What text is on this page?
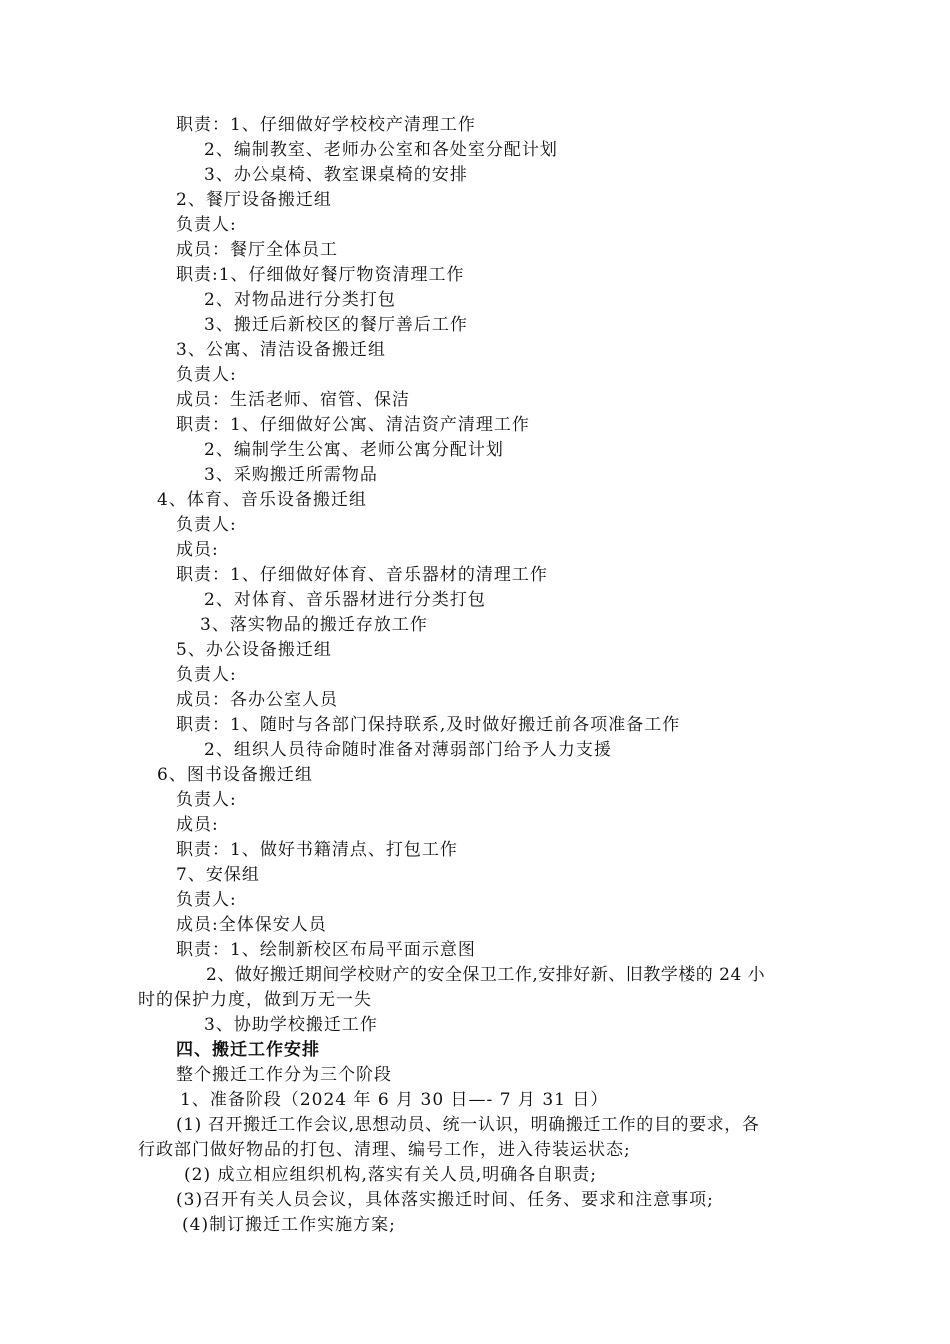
职责：1、仔细做好学校校产清理工作
2、编制教室、老师办公室和各处室分配计划
3、办公桌椅、教室课桌椅的安排
2、餐厅设备搬迁组
负责人:
成员：餐厅全体员工
职责:1、仔细做好餐厅物资清理工作
2、对物品进行分类打包
3、搬迁后新校区的餐厅善后工作
3、公寓、清洁设备搬迁组
负责人:
成员：生活老师、宿管、保洁
职责：1、仔细做好公寓、清洁资产清理工作
2、编制学生公寓、老师公寓分配计划
3、采购搬迁所需物品
4、体育、音乐设备搬迁组
负责人:
成员:
职责：1、仔细做好体育、音乐器材的清理工作
2、对体育、音乐器材进行分类打包
3、落实物品的搬迁存放工作
5、办公设备搬迁组
负责人:
成员：各办公室人员
职责：1、随时与各部门保持联系,及时做好搬迁前各项准备工作
2、组织人员待命随时准备对薄弱部门给予人力支援
6、图书设备搬迁组
负责人:
成员:
职责：1、做好书籍清点、打包工作
7、安保组
负责人:
成员:全体保安人员
职责：1、绘制新校区布局平面示意图
2、做好搬迁期间学校财产的安全保卫工作,安排好新、旧教学楼的 24 小
时的保护力度，做到万无一失
3、协助学校搬迁工作
四、搬迁工作安排
整个搬迁工作分为三个阶段
1、准备阶段（2024 年 6 月 30 日—- 7 月 31 日）
(1) 召开搬迁工作会议,思想动员、统一认识，明确搬迁工作的目的要求，各
行政部门做好物品的打包、清理、编号工作，进入待装运状态;
(2) 成立相应组织机构,落实有关人员,明确各自职责;
(3)召开有关人员会议，具体落实搬迁时间、任务、要求和注意事项;
(4)制订搬迁工作实施方案;
